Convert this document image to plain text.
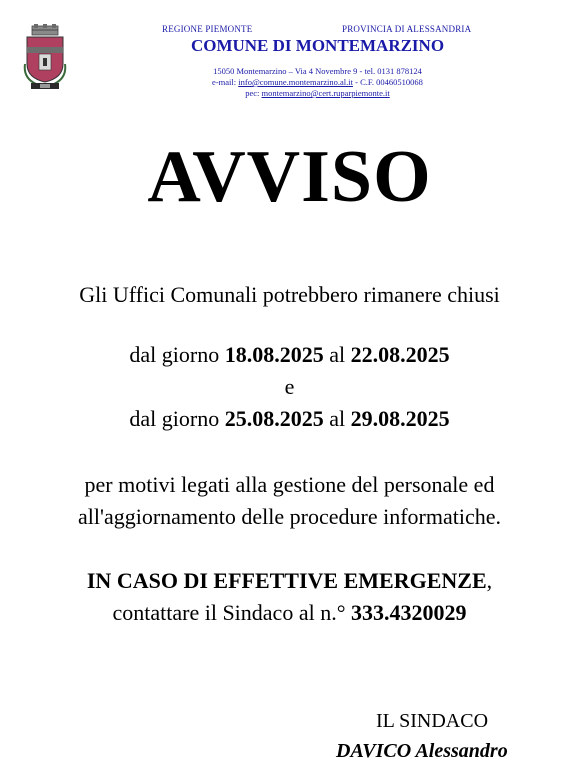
REGIONE PIEMONTE	PROVINCIA DI ALESSANDRIA
COMUNE DI MONTEMARZINO
15050 Montemarzino – Via 4 Novembre 9 - tel. 0131 878124
e-mail: info@comune.montemarzino.al.it - C.F. 00460510068
pec: montemarzino@cert.ruparpiemonte.it
AVVISO
Gli Uffici Comunali potrebbero rimanere chiusi
dal giorno 18.08.2025 al 22.08.2025
e
dal giorno 25.08.2025 al 29.08.2025
per motivi legati alla gestione del personale ed
all'aggiornamento delle procedure informatiche.
IN CASO DI EFFETTIVE EMERGENZE,
contattare il Sindaco al n.° 333.4320029
IL SINDACO
DAVICO Alessandro
